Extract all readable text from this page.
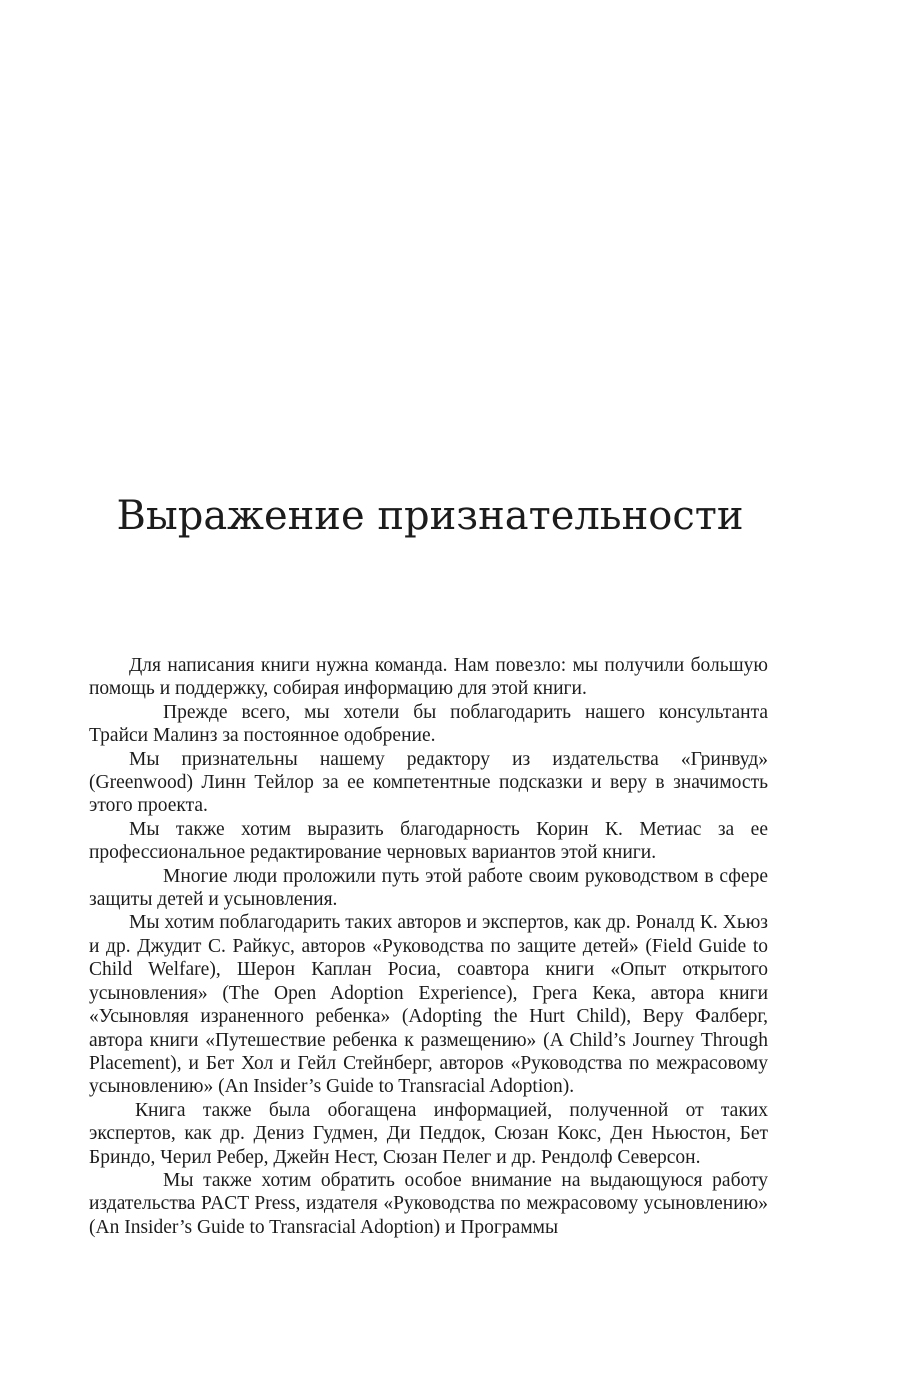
Выражение признательности

Для написания книги нужна команда. Нам повезло: мы получили большую помощь и поддержку, собирая информацию для этой книги.

Прежде всего, мы хотели бы поблагодарить нашего консультанта Трайси Малинз за постоянное одобрение.

Мы признательны нашему редактору из издательства «Гринвуд» (Greenwood) Линн Тейлор за ее компетентные подсказки и веру в значимость этого проекта.

Мы также хотим выразить благодарность Корин К. Метиас за ее профессиональное редактирование черновых вариантов этой книги.

Многие люди проложили путь этой работе своим руководством в сфере защиты детей и усыновления.

Мы хотим поблагодарить таких авторов и экспертов, как др. Роналд К. Хьюз и др. Джудит С. Райкус, авторов «Руководства по защите детей» (Field Guide to Child Welfare), Шерон Каплан Росиа, соавтора книги «Опыт открытого усыновления» (The Open Adoption Experience), Грега Кека, автора книги «Усыновляя израненного ребенка» (Adopting the Hurt Child), Веру Фалберг, автора книги «Путешествие ребенка к размещению» (A Child’s Journey Through Placement), и Бет Хол и Гейл Стейнберг, авторов «Руководства по межрасовому усыновлению» (An Insider’s Guide to Transracial Adoption).

Книга также была обогащена информацией, полученной от таких экспертов, как др. Дениз Гудмен, Ди Педдок, Сюзан Кокс, Ден Ньюстон, Бет Бриндо, Черил Ребер, Джейн Нест, Сюзан Пелег и др. Рендолф Северсон.

Мы также хотим обратить особое внимание на выдающуюся работу издательства PACT Press, издателя «Руководства по межрасовому усыновлению» (An Insider’s Guide to Transracial Adoption) и Программы
